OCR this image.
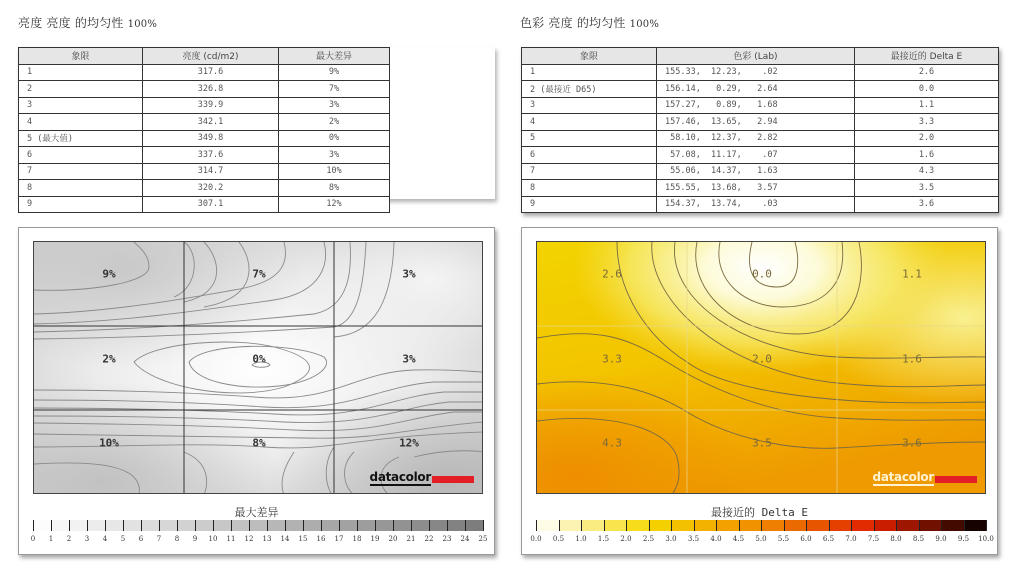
亮度 亮度 的均匀性 100%
象限	亮度 (cd/m2)	最大差异
1	317.6	9%
2	326.8	7%
3	339.9	3%
4	342.1	2%
5 (最大值)	349.8	0%
6	337.6	3%
7	314.7	10%
8	320.2	8%
9	307.1	12%
9%	7%	3%
2%	0%	3%
10%	8%	12%
datacolor
最大差异
0 1 2 3 4 5 6 7 8 9 10 11 12 13 14 15 16 17 18 19 20 21 22 23 24 25
色彩 亮度 的均匀性 100%
象限	色彩 (Lab)	最接近的 Delta E
1	155.33,  12.23,    .02	2.6
2 (最接近 D65)	156.14,   0.29,   2.64	0.0
3	157.27,   0.89,   1.68	1.1
4	157.46,  13.65,   2.94	3.3
5	58.10,  12.37,   2.82	2.0
6	57.08,  11.17,    .07	1.6
7	55.06,  14.37,   1.63	4.3
8	155.55,  13.68,   3.57	3.5
9	154.37,  13.74,    .03	3.6
2.6	0.0	1.1
3.3	2.0	1.6
4.3	3.5	3.6
datacolor
最接近的 Delta E
0.0 0.5 1.0 1.5 2.0 2.5 3.0 3.5 4.0 4.5 5.0 5.5 6.0 6.5 7.0 7.5 8.0 8.5 9.0 9.5 10.0
